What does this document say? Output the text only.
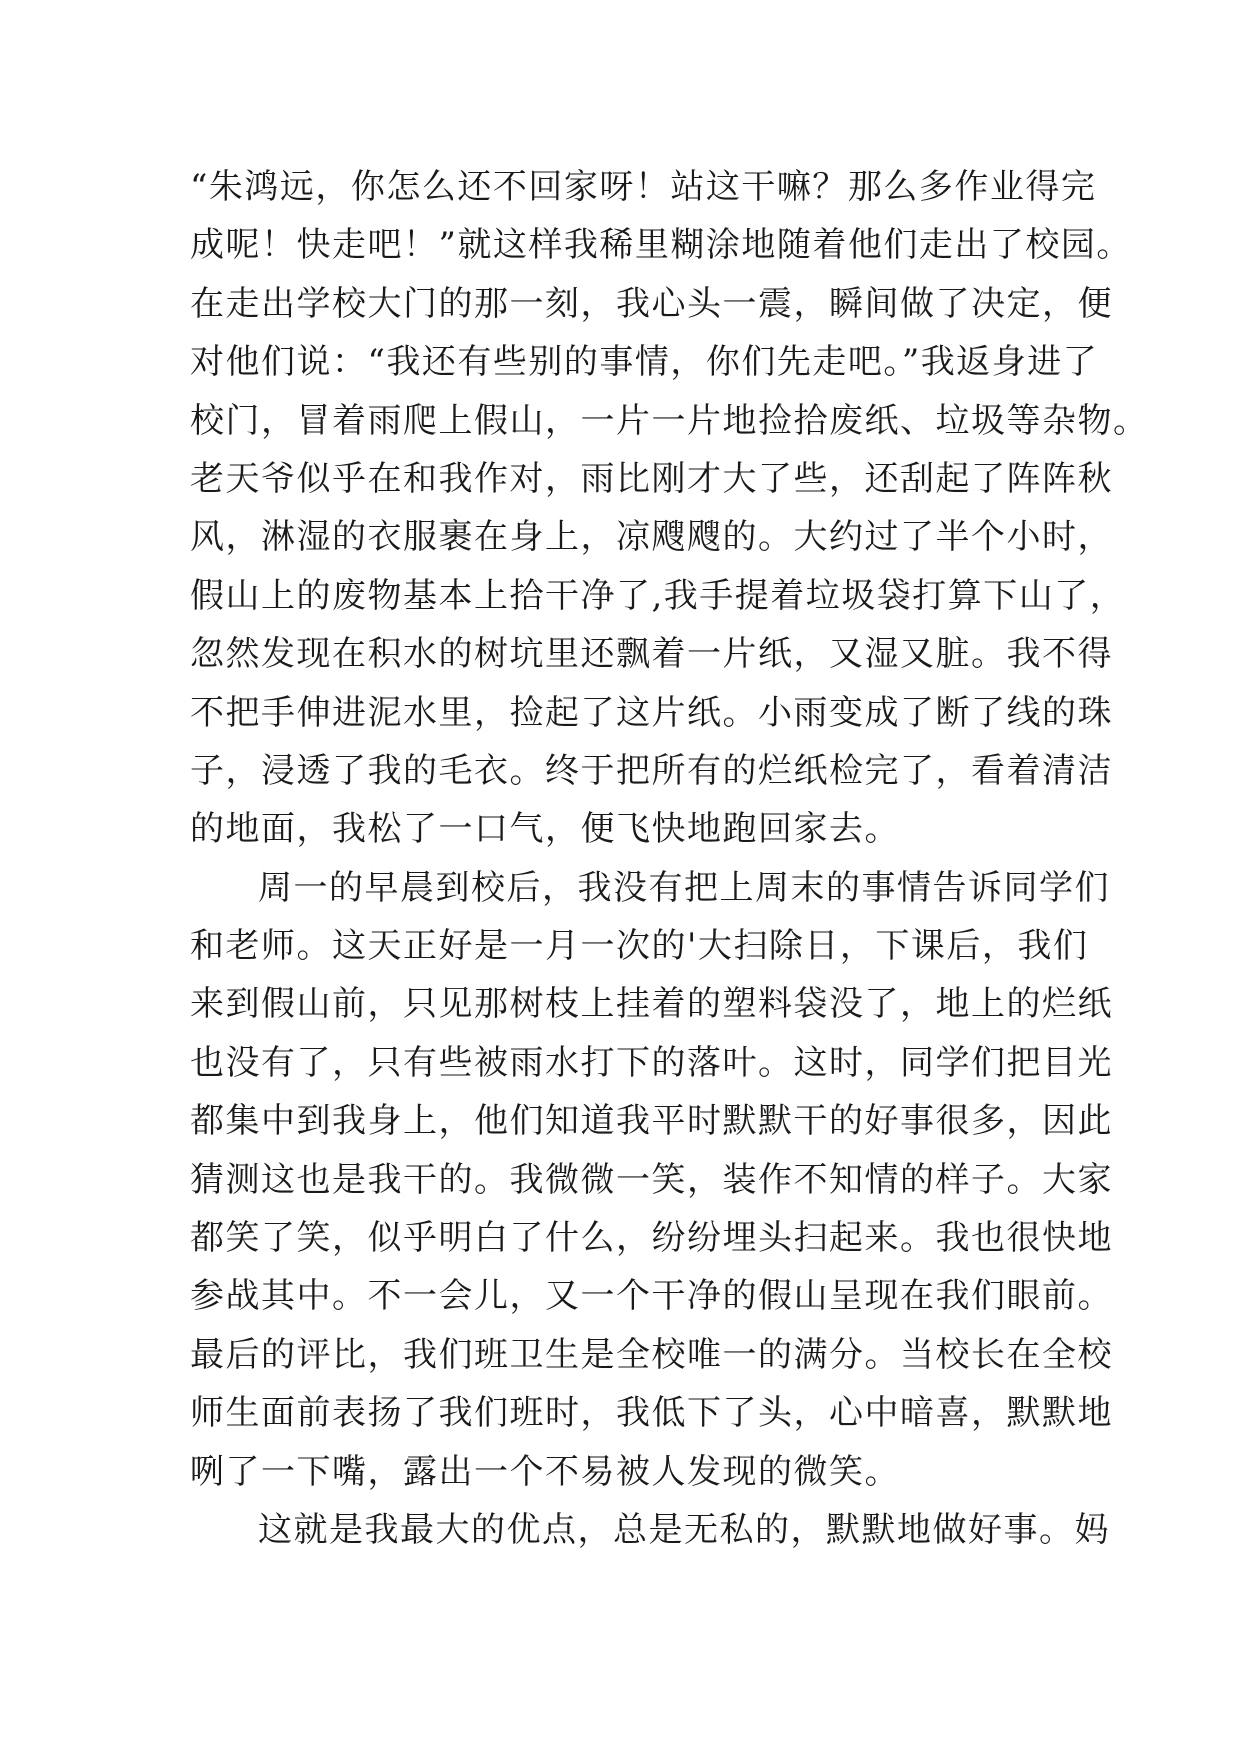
“朱鸿远，你怎么还不回家呀！站这干嘛？那么多作业得完
成呢！快走吧！”就这样我稀里糊涂地随着他们走出了校园。
在走出学校大门的那一刻，我心头一震，瞬间做了决定，便
对他们说：“我还有些别的事情，你们先走吧。”我返身进了
校门，冒着雨爬上假山，一片一片地捡拾废纸、垃圾等杂物。
老天爷似乎在和我作对，雨比刚才大了些，还刮起了阵阵秋
风，淋湿的衣服裹在身上，凉飕飕的。大约过了半个小时，
假山上的废物基本上拾干净了,我手提着垃圾袋打算下山了，
忽然发现在积水的树坑里还飘着一片纸，又湿又脏。我不得
不把手伸进泥水里，捡起了这片纸。小雨变成了断了线的珠
子，浸透了我的毛衣。终于把所有的烂纸检完了，看着清洁
的地面，我松了一口气，便飞快地跑回家去。
周一的早晨到校后，我没有把上周末的事情告诉同学们
和老师。这天正好是一月一次的'大扫除日，下课后，我们
来到假山前，只见那树枝上挂着的塑料袋没了，地上的烂纸
也没有了，只有些被雨水打下的落叶。这时，同学们把目光
都集中到我身上，他们知道我平时默默干的好事很多，因此
猜测这也是我干的。我微微一笑，装作不知情的样子。大家
都笑了笑，似乎明白了什么，纷纷埋头扫起来。我也很快地
参战其中。不一会儿，又一个干净的假山呈现在我们眼前。
最后的评比，我们班卫生是全校唯一的满分。当校长在全校
师生面前表扬了我们班时，我低下了头，心中暗喜，默默地
咧了一下嘴，露出一个不易被人发现的微笑。
这就是我最大的优点，总是无私的，默默地做好事。妈
